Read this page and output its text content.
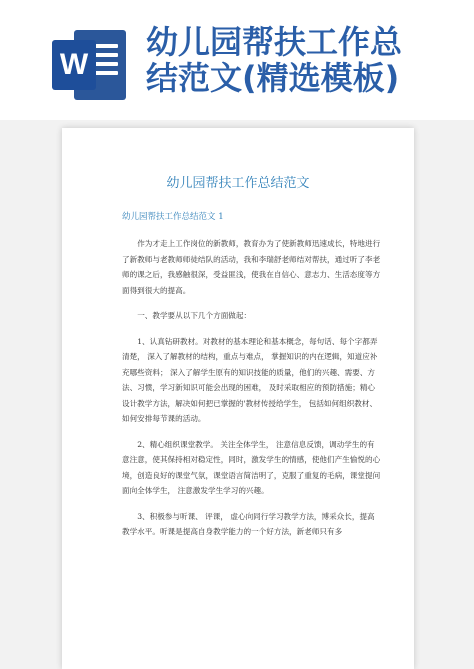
W
幼儿园帮扶工作总
结范文(精选模板)
幼儿园帮扶工作总结范文
幼儿园帮扶工作总结范文 1

作为才走上工作岗位的新教师，教育办为了使新教师迅速成长，特地进行了新教师与老教师师徒结队的活动，我和李瑞舒老师结对帮扶，通过听了李老师的课之后，我感触很深，受益匪浅，使我在自信心、意志力、生活态度等方面得到很大的提高。

一、教学要从以下几个方面做起：

1、认真钻研教材。对教材的基本理论和基本概念，每句话、每个字都弄清楚， 深入了解教材的结构，重点与难点， 掌握知识的内在逻辑，知道应补充哪些资料； 深入了解学生原有的知识技能的质量，他们的兴趣、需要、方法、习惯，学习新知识可能会出现的困难， 及时采取相应的预防措施；精心设计教学方法，解决如何把已掌握的'教材传授给学生， 包括如何组织教材、如何安排每节课的活动。

2、精心组织课堂教学。 关注全体学生， 注意信息反馈，调动学生的有意注意，使其保持相对稳定性，同时，激发学生的情感，使他们产生愉悦的心境，创造良好的课堂气氛，课堂语言简洁明了，克服了重复的毛病，课堂提问面向全体学生， 注意激发学生学习的兴趣。

3、积极参与听课、 评课， 虚心向同行学习教学方法，博采众长，提高教学水平。听课是提高自身教学能力的一个好方法，新老师只有多
